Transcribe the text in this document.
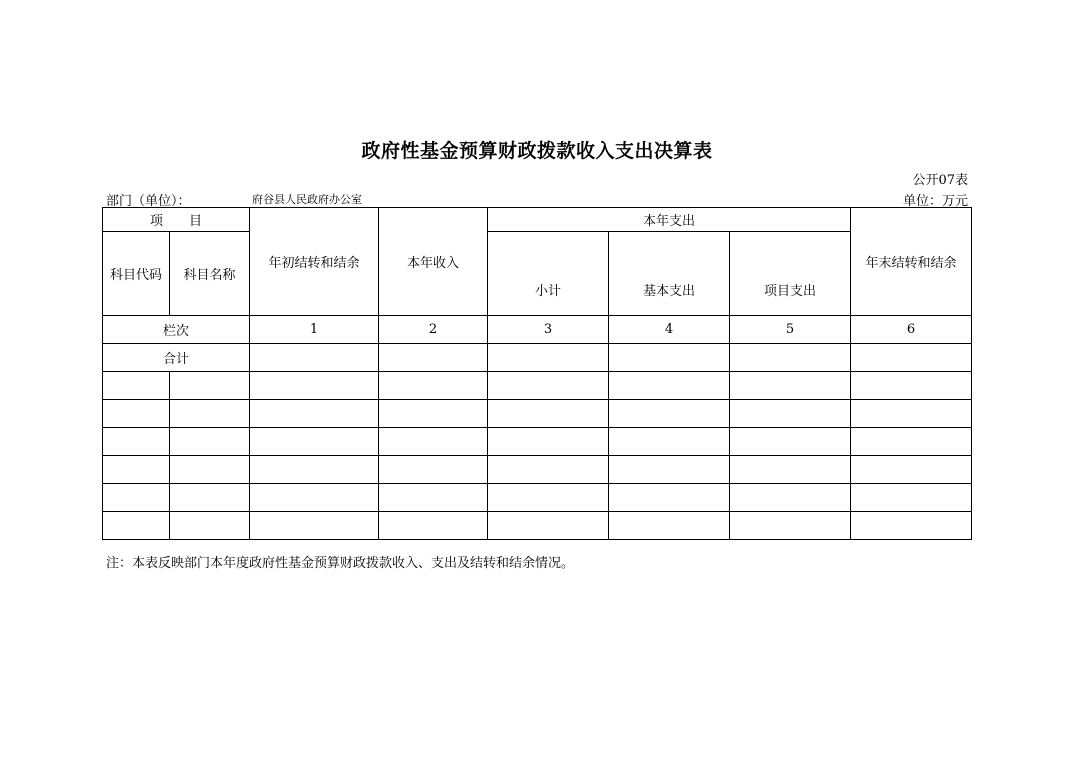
政府性基金预算财政拨款收入支出决算表
公开07表
部门（单位）：	府谷县人民政府办公室	单位：万元
项　　目		年初结转和结余	本年收入	本年支出			年末结转和结余
科目代码	科目名称			小计	基本支出	项目支出	
栏次		1	2	3	4	5	6
合计							

注：本表反映部门本年度政府性基金预算财政拨款收入、支出及结转和结余情况。
